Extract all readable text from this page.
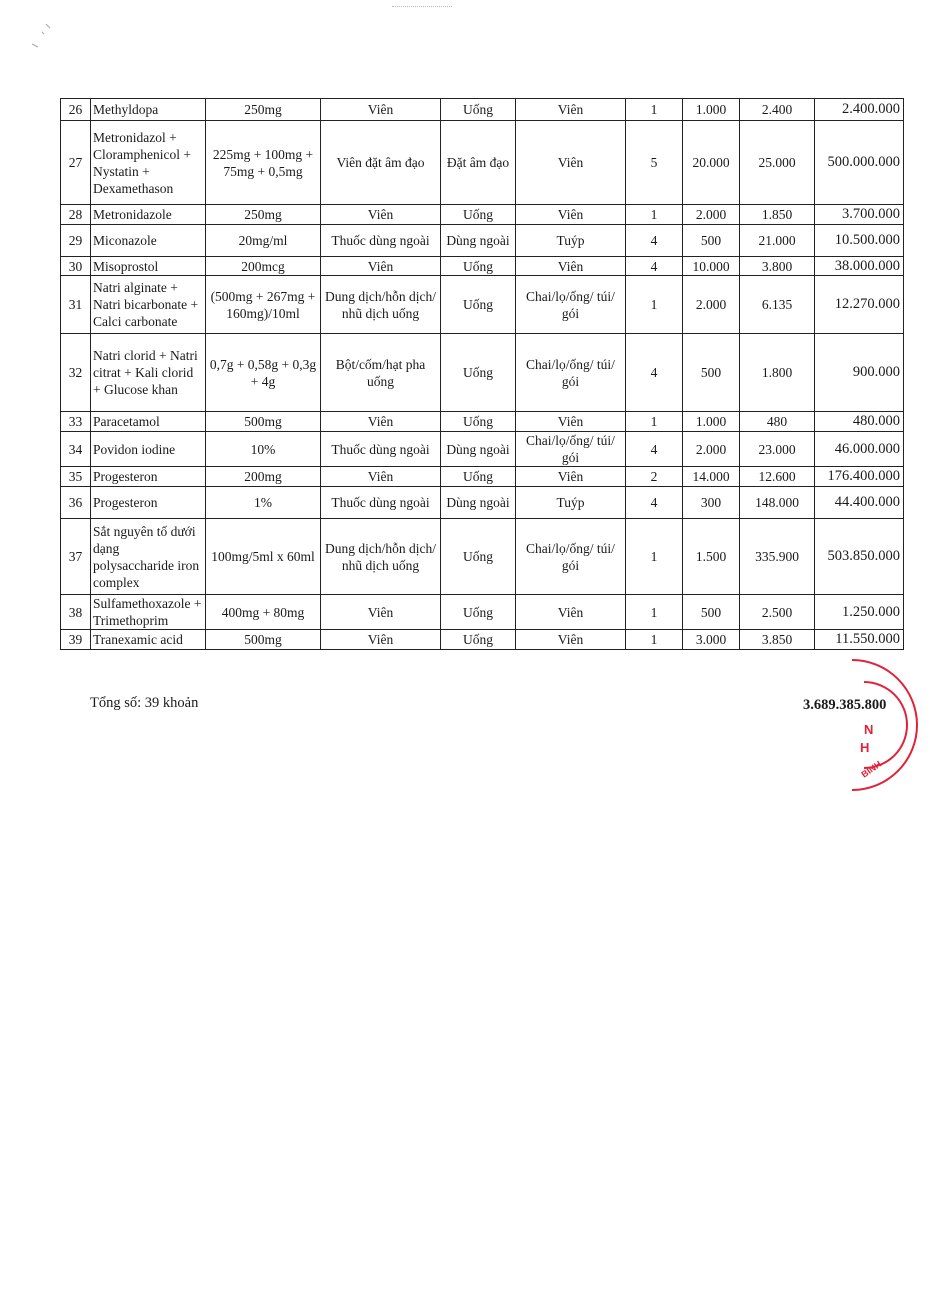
26	Methyldopa	250mg	Viên	Uống	Viên	1	1.000	2.400	2.400.000
27	Metronidazol + Cloramphenicol + Nystatin + Dexamethason	225mg + 100mg + 75mg + 0,5mg	Viên đặt âm đạo	Đặt âm đạo	Viên	5	20.000	25.000	500.000.000
28	Metronidazole	250mg	Viên	Uống	Viên	1	2.000	1.850	3.700.000
29	Miconazole	20mg/ml	Thuốc dùng ngoài	Dùng ngoài	Tuýp	4	500	21.000	10.500.000
30	Misoprostol	200mcg	Viên	Uống	Viên	4	10.000	3.800	38.000.000
31	Natri alginate + Natri bicarbonate + Calci carbonate	(500mg + 267mg + 160mg)/10ml	Dung dịch/hỗn dịch/ nhũ dịch uống	Uống	Chai/lọ/ống/ túi/ gói	1	2.000	6.135	12.270.000
32	Natri clorid + Natri citrat + Kali clorid + Glucose khan	0,7g + 0,58g + 0,3g + 4g	Bột/cốm/hạt pha uống	Uống	Chai/lọ/ống/ túi/ gói	4	500	1.800	900.000
33	Paracetamol	500mg	Viên	Uống	Viên	1	1.000	480	480.000
34	Povidon iodine	10%	Thuốc dùng ngoài	Dùng ngoài	Chai/lọ/ống/ túi/ gói	4	2.000	23.000	46.000.000
35	Progesteron	200mg	Viên	Uống	Viên	2	14.000	12.600	176.400.000
36	Progesteron	1%	Thuốc dùng ngoài	Dùng ngoài	Tuýp	4	300	148.000	44.400.000
37	Sắt nguyên tố dưới dạng polysaccharide iron complex	100mg/5ml x 60ml	Dung dịch/hỗn dịch/ nhũ dịch uống	Uống	Chai/lọ/ống/ túi/ gói	1	1.500	335.900	503.850.000
38	Sulfamethoxazole + Trimethoprim	400mg + 80mg	Viên	Uống	Viên	1	500	2.500	1.250.000
39	Tranexamic acid	500mg	Viên	Uống	Viên	1	3.000	3.850	11.550.000
Tổng số: 39 khoản	3.689.385.800
N
H
BÌNH
